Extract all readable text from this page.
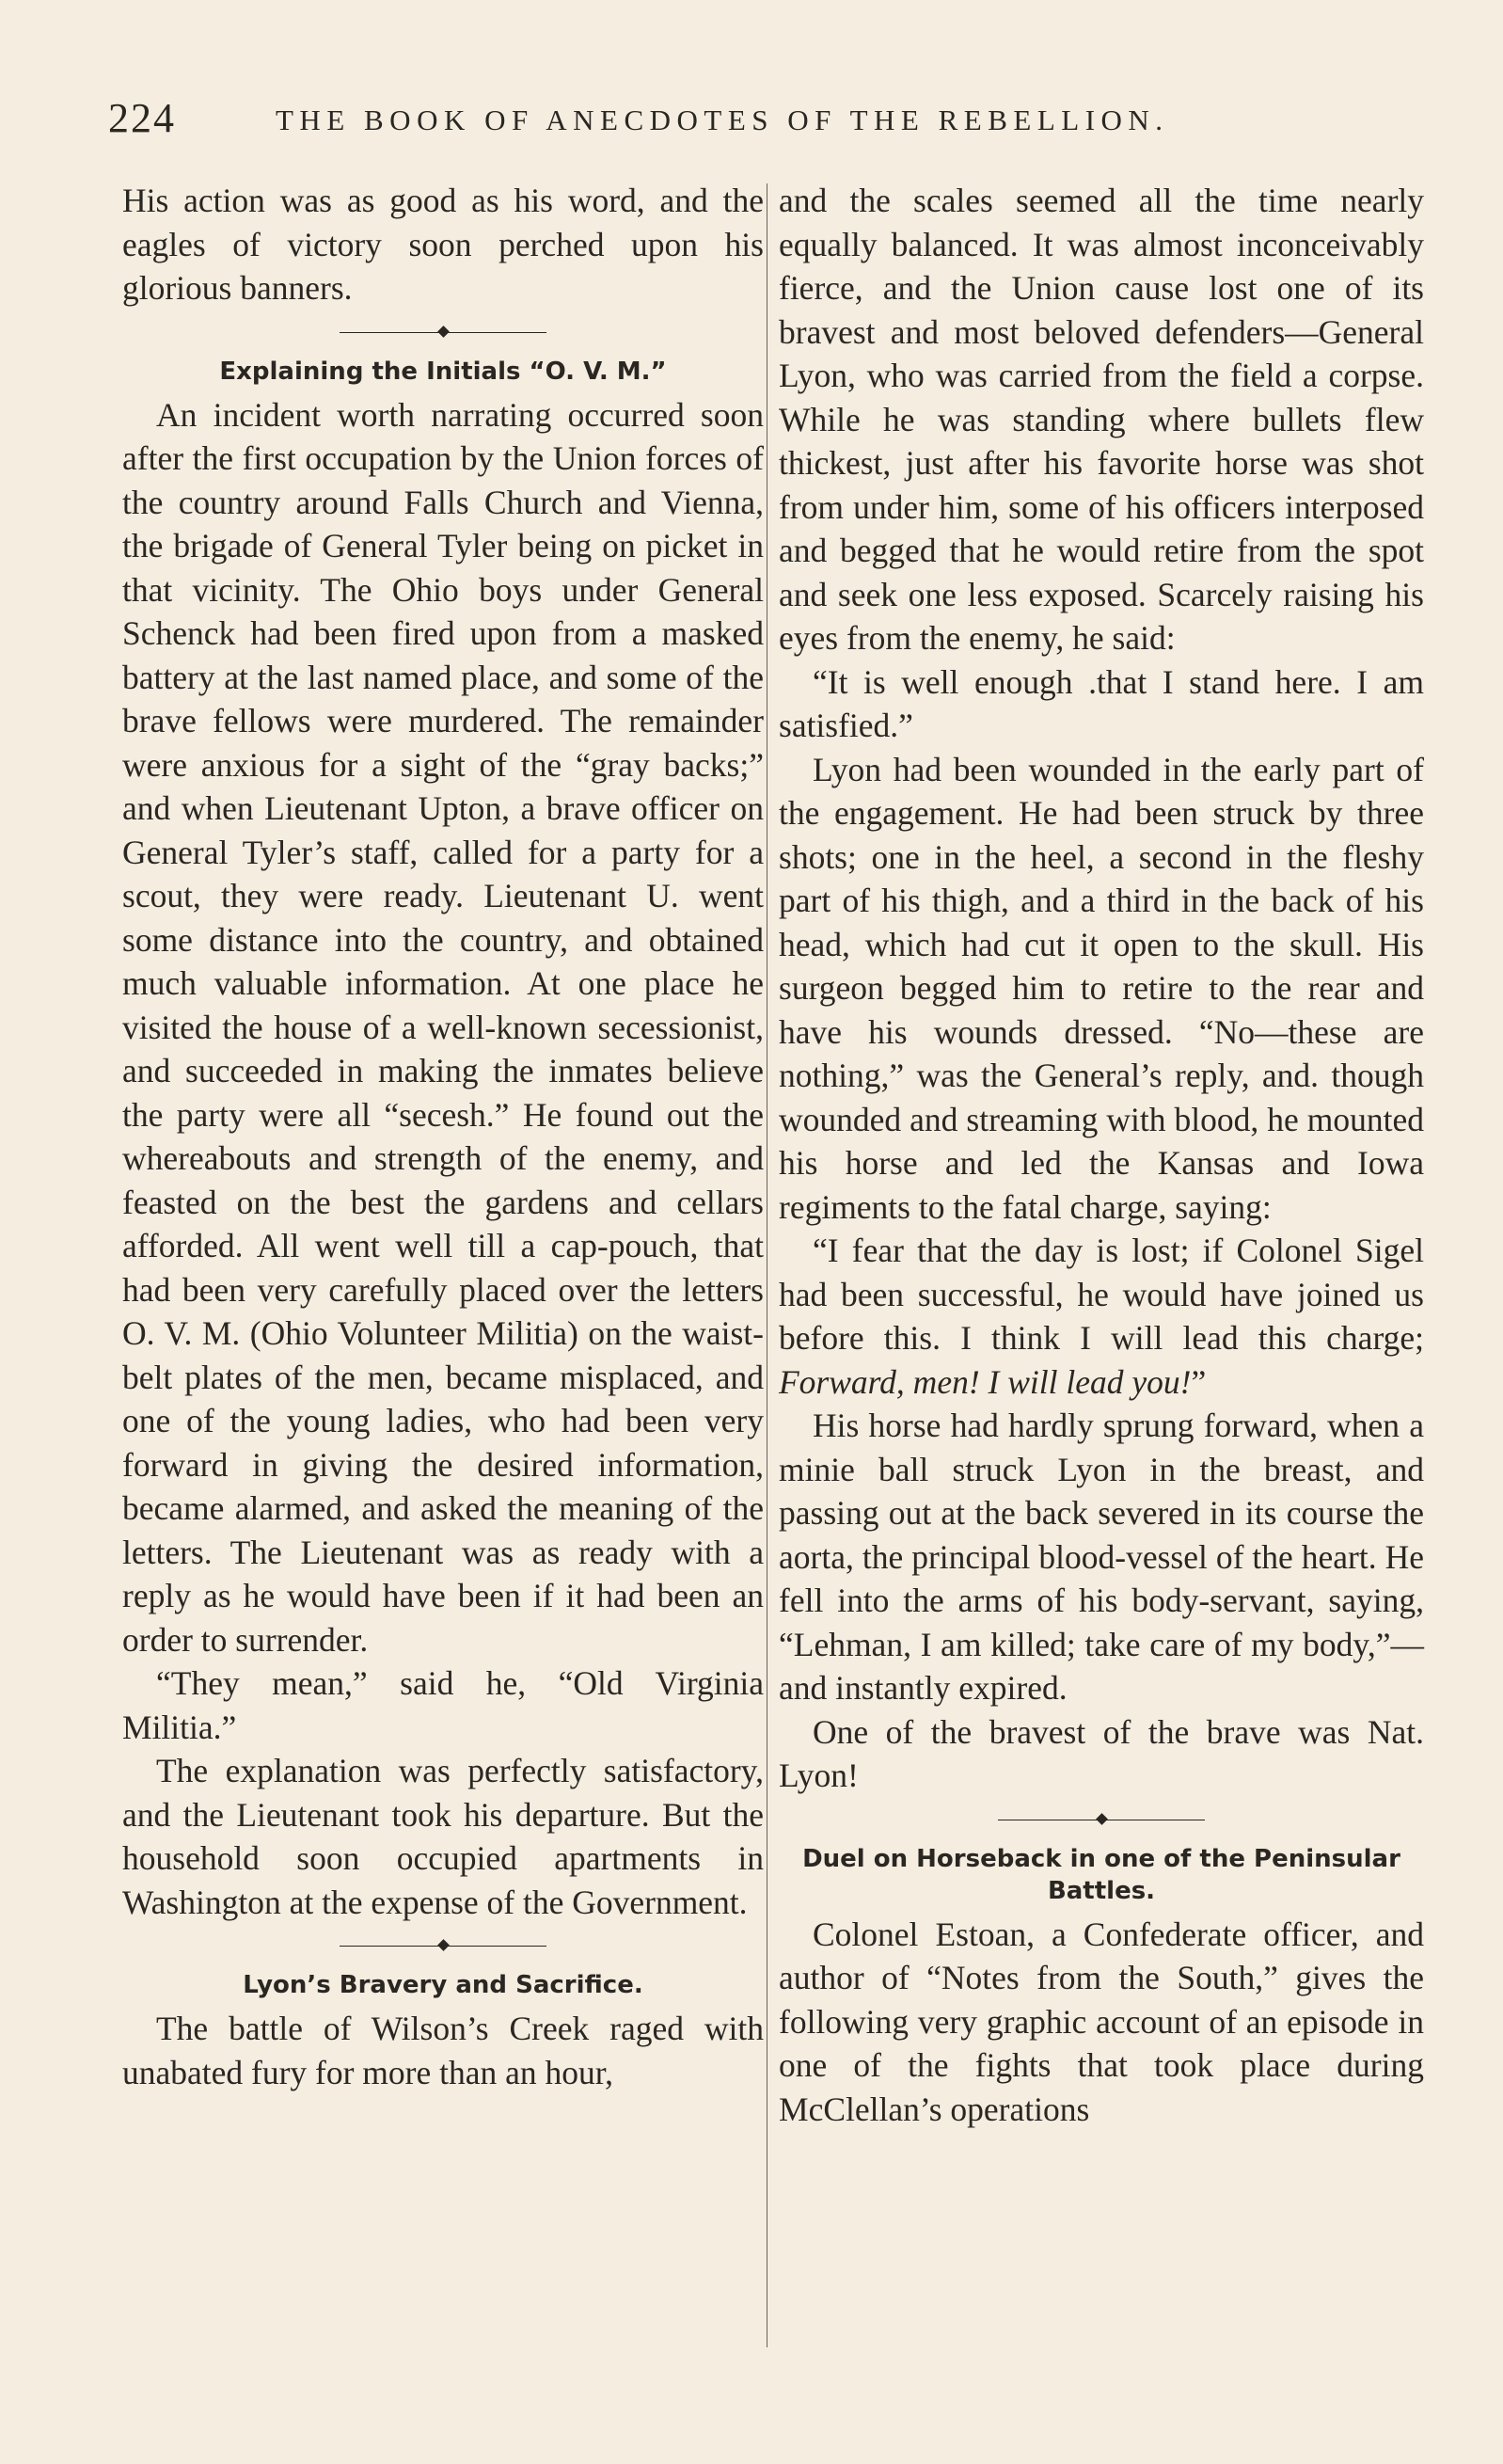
224	THE BOOK OF ANECDOTES OF THE REBELLION.

His action was as good as his word, and the eagles of victory soon perched upon his glorious banners.

Explaining the Initials “O. V. M.”

An incident worth narrating occurred soon after the first occupation by the Union forces of the country around Falls Church and Vienna, the brigade of General Tyler being on picket in that vicinity. The Ohio boys under General Schenck had been fired upon from a masked battery at the last named place, and some of the brave fellows were murdered. The remainder were anxious for a sight of the “gray backs;” and when Lieutenant Upton, a brave officer on General Tyler’s staff, called for a party for a scout, they were ready. Lieutenant U. went some distance into the country, and obtained much valuable information. At one place he visited the house of a well-known secessionist, and succeeded in making the inmates believe the party were all “secesh.” He found out the whereabouts and strength of the enemy, and feasted on the best the gardens and cellars afforded. All went well till a cap-pouch, that had been very carefully placed over the letters O. V. M. (Ohio Volunteer Militia) on the waist-belt plates of the men, became misplaced, and one of the young ladies, who had been very forward in giving the desired information, became alarmed, and asked the meaning of the letters. The Lieutenant was as ready with a reply as he would have been if it had been an order to surrender.

“They mean,” said he, “Old Virginia Militia.”

The explanation was perfectly satisfactory, and the Lieutenant took his departure. But the household soon occupied apartments in Washington at the expense of the Government.

Lyon’s Bravery and Sacrifice.

The battle of Wilson’s Creek raged with unabated fury for more than an hour,

and the scales seemed all the time nearly equally balanced. It was almost inconceivably fierce, and the Union cause lost one of its bravest and most beloved defenders—General Lyon, who was carried from the field a corpse. While he was standing where bullets flew thickest, just after his favorite horse was shot from under him, some of his officers interposed and begged that he would retire from the spot and seek one less exposed. Scarcely raising his eyes from the enemy, he said:

“It is well enough .that I stand here. I am satisfied.”

Lyon had been wounded in the early part of the engagement. He had been struck by three shots; one in the heel, a second in the fleshy part of his thigh, and a third in the back of his head, which had cut it open to the skull. His surgeon begged him to retire to the rear and have his wounds dressed. “No—these are nothing,” was the General’s reply, and. though wounded and streaming with blood, he mounted his horse and led the Kansas and Iowa regiments to the fatal charge, saying:

“I fear that the day is lost; if Colonel Sigel had been successful, he would have joined us before this. I think I will lead this charge; Forward, men! I will lead you!”

His horse had hardly sprung forward, when a minie ball struck Lyon in the breast, and passing out at the back severed in its course the aorta, the principal blood-vessel of the heart. He fell into the arms of his body-servant, saying, “Lehman, I am killed; take care of my body,”— and instantly expired.

One of the bravest of the brave was Nat. Lyon!

Duel on Horseback in one of the Peninsular Battles.

Colonel Estoan, a Confederate officer, and author of “Notes from the South,” gives the following very graphic account of an episode in one of the fights that took place during McClellan’s operations
